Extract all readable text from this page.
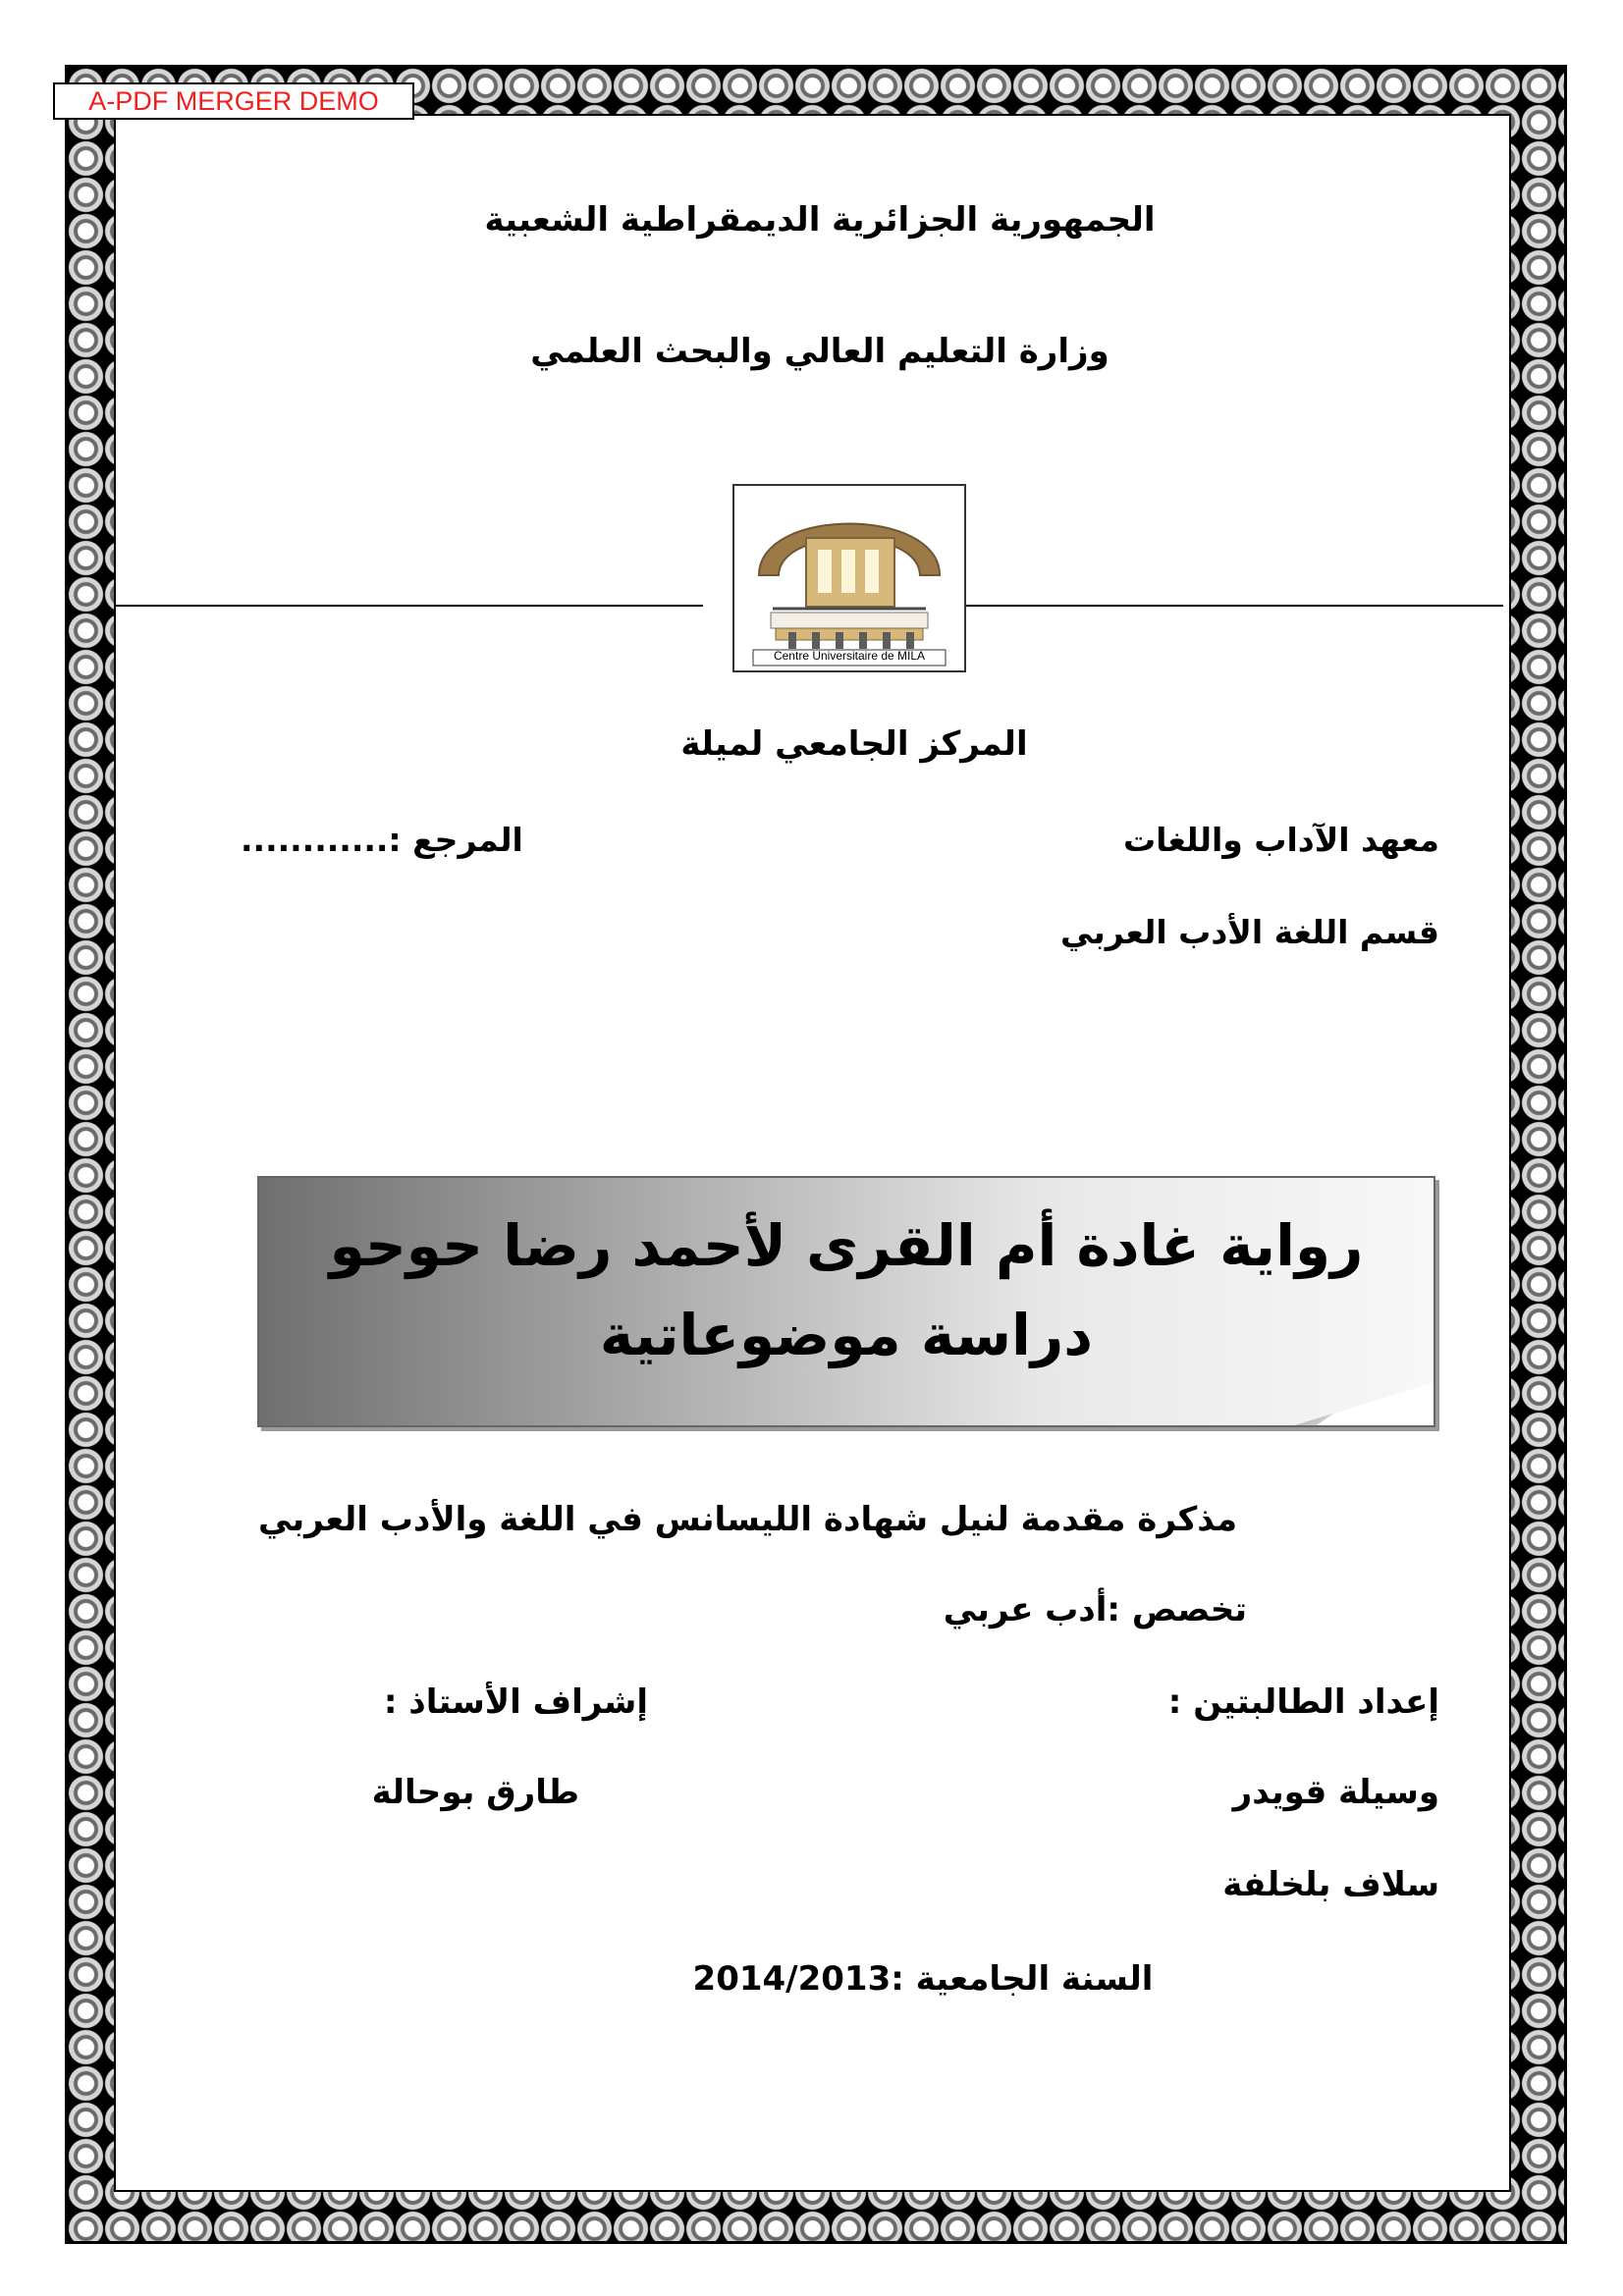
A-PDF MERGER DEMO
الجمهورية الجزائرية الديمقراطية الشعبية
وزارة التعليم العالي والبحث العلمي
Centre Universitaire de MILA
المركز الجامعي لميلة
معهد الآداب واللغات
المرجع :............
قسم اللغة الأدب العربي
رواية غادة أم القرى لأحمد رضا حوحو
دراسة موضوعاتية
مذكرة مقدمة لنيل شهادة الليسانس في اللغة والأدب العربي
تخصص :أدب عربي
إعداد الطالبتين :
إشراف الأستاذ :
وسيلة قويدر
طارق بوحالة
سلاف بلخلفة
السنة الجامعية :2014/2013
